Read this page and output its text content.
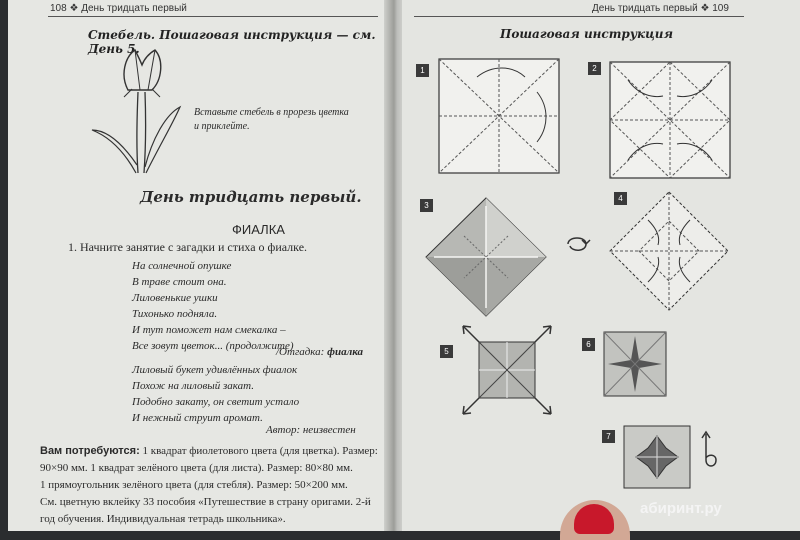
108 ❖ День тридцать первый
Стебель. Пошаговая инструкция — см. День 5.
Вставьте стебель в прорезь цветка
и приклейте.
День тридцать первый.
ФИАЛКА
1. Начните занятие с загадки и стиха о фиалке.
На солнечной опушке
В траве стоит она.
Лиловенькие ушки
Тихонько подняла.
И тут поможет нам смекалка –
Все зовут цветок... (продолжите)
/Отгадка: фиалка
Лиловый букет удивлённых фиалок
Похож на лиловый закат.
Подобно закату, он светит устало
И нежный струит аромат.
Автор: неизвестен
Вам потребуются: 1 квадрат фиолетового цвета (для цветка). Размер:
90×90 мм. 1 квадрат зелёного цвета (для листа). Размер: 80×80 мм.
1 прямоугольник зелёного цвета (для стебля). Размер: 50×200 мм.
См. цветную вклейку 33 пособия «Путешествие в страну оригами. 2-й
год обучения. Индивидуальная тетрадь школьника».
День тридцать первый ❖ 109
Пошаговая инструкция
1	2
3
4
5
6
7
абиринт.ру
